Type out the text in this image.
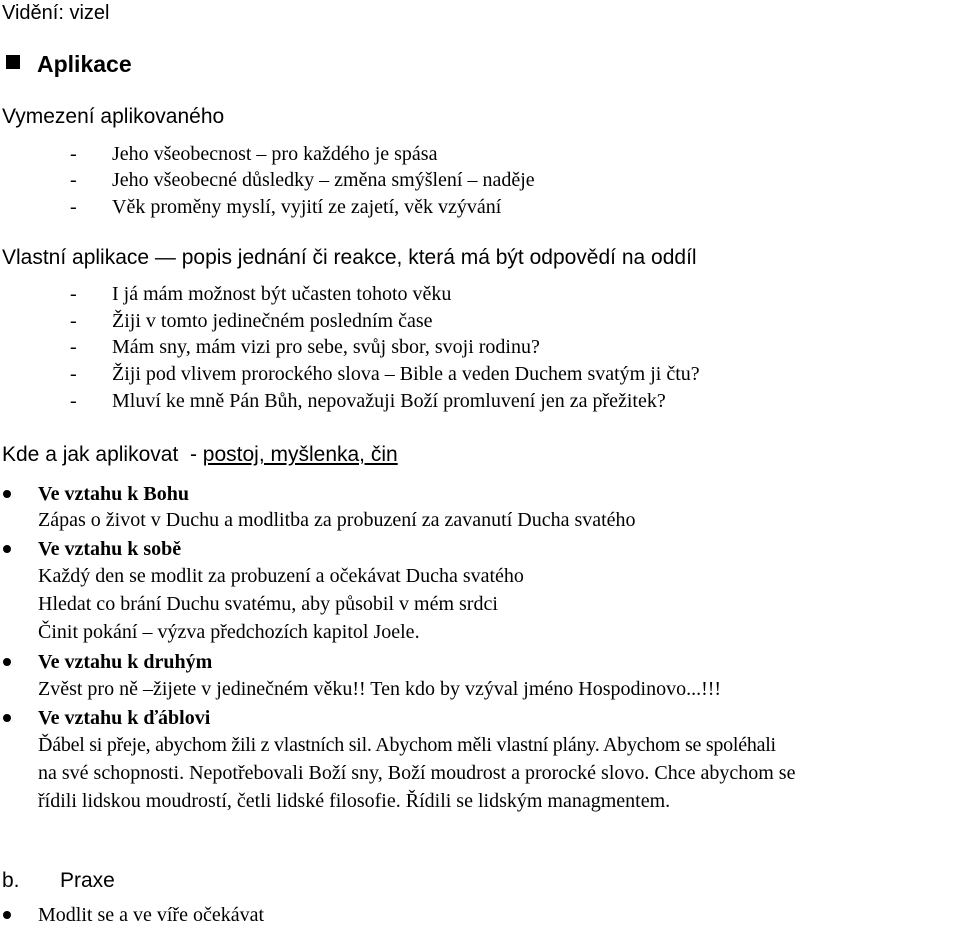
Vidění: vizel
Aplikace
Vymezení aplikovaného
- Jeho všeobecnost – pro každého je spása
- Jeho všeobecné důsledky – změna smýšlení – naděje
- Věk proměny myslí, vyjití ze zajetí, věk vzývání
Vlastní aplikace — popis jednání či reakce, která má být odpovědí na oddíl
- I já mám možnost být učasten tohoto věku
- Žiji v tomto jedinečném posledním čase
- Mám sny, mám vizi pro sebe, svůj sbor, svoji rodinu?
- Žiji pod vlivem prorockého slova – Bible a veden Duchem svatým ji čtu?
- Mluví ke mně Pán Bůh, nepovažuji Boží promluvení jen za přežitek?
Kde a jak aplikovat  - postoj, myšlenka, čin
Ve vztahu k Bohu
Zápas o život v Duchu a modlitba za probuzení za zavanutí Ducha svatého
Ve vztahu k sobě
Každý den se modlit za probuzení a očekávat Ducha svatého
Hledat co brání Duchu svatému, aby působil v mém srdci
Činit pokání – výzva předchozích kapitol Joele.
Ve vztahu k druhým
Zvěst pro ně –žijete v jedinečném věku!! Ten kdo by vzýval jméno Hospodinovo...!!!
Ve vztahu k ďáblovi
Ďábel si přeje, abychom žili z vlastních sil. Abychom měli vlastní plány. Abychom se spoléhali
na své schopnosti. Nepotřebovali Boží sny, Boží moudrost a prorocké slovo. Chce abychom se
řídili lidskou moudrostí, četli lidské filosofie. Řídili se lidským managmentem.
b. Praxe
Modlit se a ve víře očekávat
